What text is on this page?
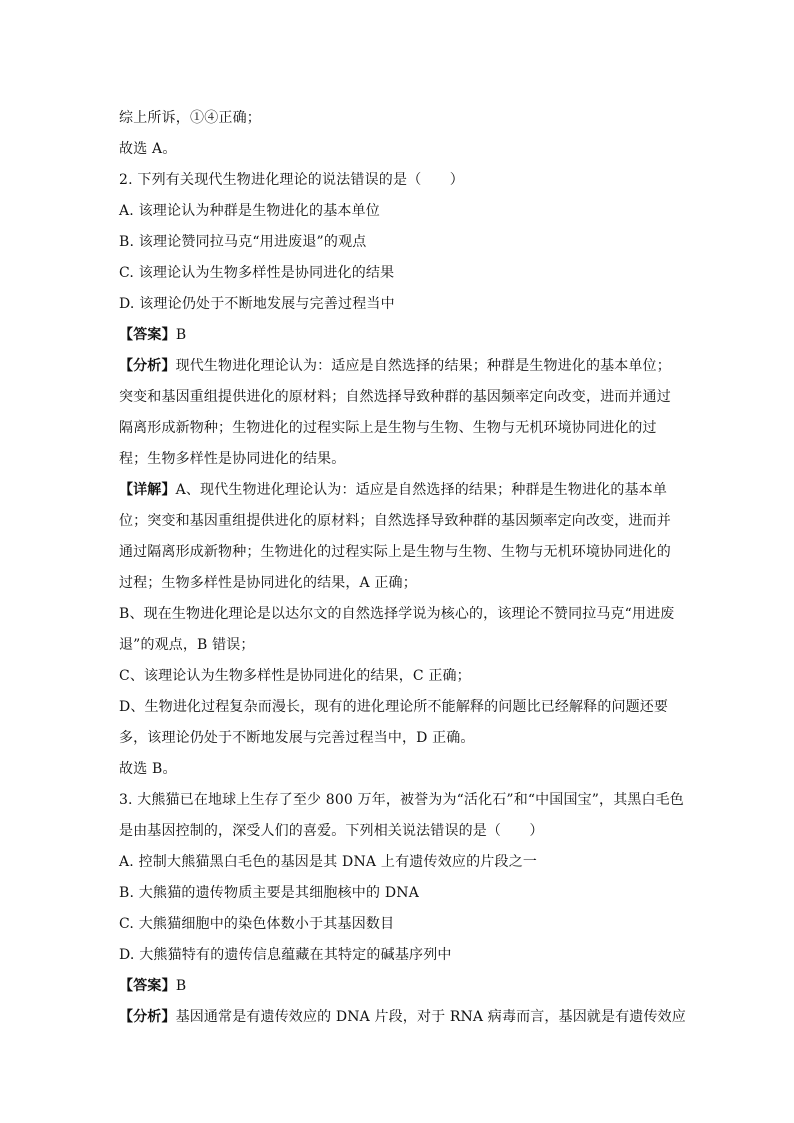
综上所诉，①④正确；
故选 A。
2. 下列有关现代生物进化理论的说法错误的是（　　）
A. 该理论认为种群是生物进化的基本单位
B. 该理论赞同拉马克“用进废退”的观点
C. 该理论认为生物多样性是协同进化的结果
D. 该理论仍处于不断地发展与完善过程当中
【答案】B
【分析】现代生物进化理论认为：适应是自然选择的结果；种群是生物进化的基本单位；
突变和基因重组提供进化的原材料；自然选择导致种群的基因频率定向改变，进而并通过
隔离形成新物种；生物进化的过程实际上是生物与生物、生物与无机环境协同进化的过
程；生物多样性是协同进化的结果。
【详解】A、现代生物进化理论认为：适应是自然选择的结果；种群是生物进化的基本单
位；突变和基因重组提供进化的原材料；自然选择导致种群的基因频率定向改变，进而并
通过隔离形成新物种；生物进化的过程实际上是生物与生物、生物与无机环境协同进化的
过程；生物多样性是协同进化的结果，A 正确；
B、现在生物进化理论是以达尔文的自然选择学说为核心的，该理论不赞同拉马克“用进废
退”的观点，B 错误；
C、该理论认为生物多样性是协同进化的结果，C 正确；
D、生物进化过程复杂而漫长，现有的进化理论所不能解释的问题比已经解释的问题还要
多，该理论仍处于不断地发展与完善过程当中，D 正确。
故选 B。
3. 大熊猫已在地球上生存了至少 800 万年，被誉为为“活化石”和“中国国宝”，其黑白毛色
是由基因控制的，深受人们的喜爱。下列相关说法错误的是（　　）
A. 控制大熊猫黑白毛色的基因是其 DNA 上有遗传效应的片段之一
B. 大熊猫的遗传物质主要是其细胞核中的 DNA
C. 大熊猫细胞中的染色体数小于其基因数目
D. 大熊猫特有的遗传信息蕴藏在其特定的碱基序列中
【答案】B
【分析】基因通常是有遗传效应的 DNA 片段，对于 RNA 病毒而言，基因就是有遗传效应
